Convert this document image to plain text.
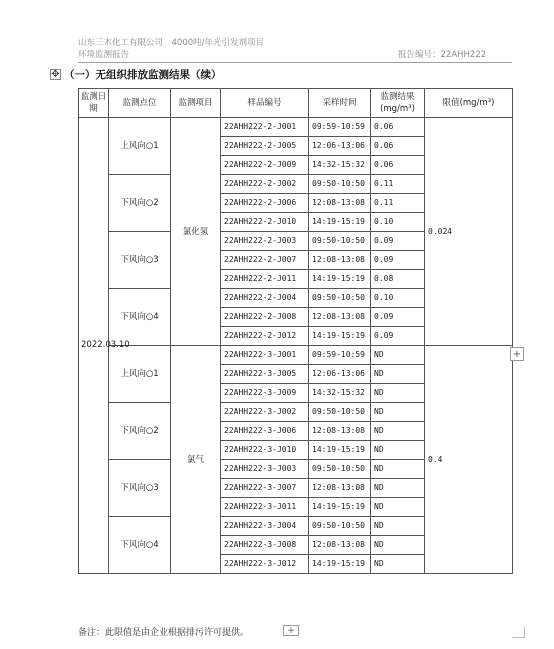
山东三木化工有限公司　4000吨/年光引发剂项目
环境监测报告	报告编号：22AHH222
✥ （一）无组织排放监测结果（续）
监测日期	监测点位	监测项目	样品编号	采样时间	监测结果(mg/m³)	限值(mg/m³)
2022.03.10	上风向○1	氯化氢	22AHH222-2-J001	09:59-10:59	0.06	0.024
			22AHH222-2-J005	12:06-13:06	0.06	
			22AHH222-2-J009	14:32-15:32	0.06	
	下风向○2		22AHH222-2-J002	09:50-10:50	0.11	
			22AHH222-2-J006	12:08-13:08	0.11	
			22AHH222-2-J010	14:19-15:19	0.10	
	下风向○3		22AHH222-2-J003	09:50-10:50	0.09	
			22AHH222-2-J007	12:08-13:08	0.09	
			22AHH222-2-J011	14:19-15:19	0.08	
	下风向○4		22AHH222-2-J004	09:50-10:50	0.10	
			22AHH222-2-J008	12:08-13:08	0.09	
			22AHH222-2-J012	14:19-15:19	0.09	
	上风向○1	氯气	22AHH222-3-J001	09:59-10:59	ND	0.4
			22AHH222-3-J005	12:06-13:06	ND	
			22AHH222-3-J009	14:32-15:32	ND	
	下风向○2		22AHH222-3-J002	09:50-10:50	ND	
			22AHH222-3-J006	12:08-13:08	ND	
			22AHH222-3-J010	14:19-15:19	ND	
	下风向○3		22AHH222-3-J003	09:50-10:50	ND	
			22AHH222-3-J007	12:08-13:08	ND	
			22AHH222-3-J011	14:19-15:19	ND	
	下风向○4		22AHH222-3-J004	09:50-10:50	ND	
			22AHH222-3-J008	12:08-13:08	ND	
			22AHH222-3-J012	14:19-15:19	ND	
+
备注：此限值是由企业根据排污许可提供。	+
